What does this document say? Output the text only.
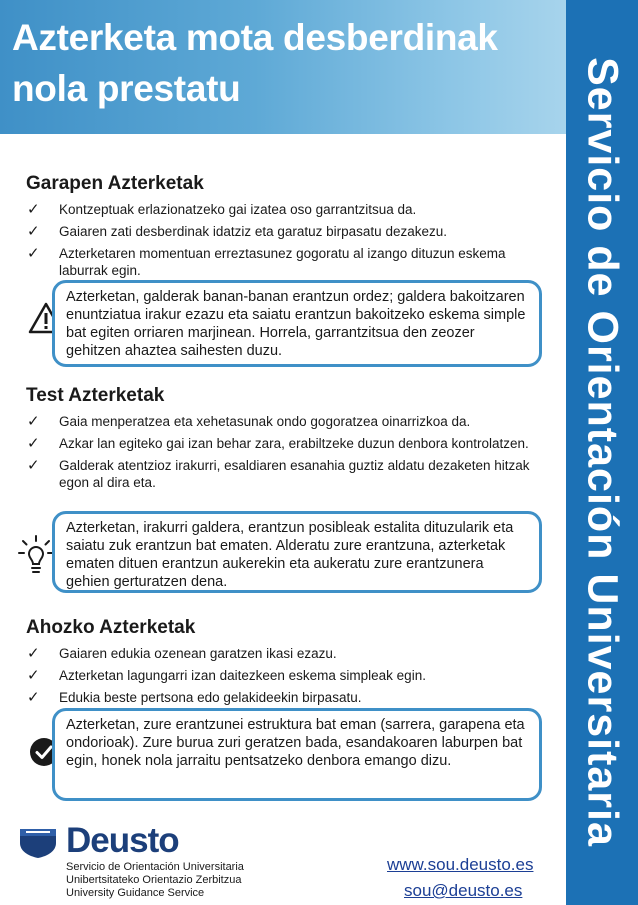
Azterketa mota desberdinak nola prestatu	Servicio de Orientación Universitaria
Garapen Azterketak
✓ Kontzeptuak erlazionatzeko gai izatea oso garrantzitsua da.
✓ Gaiaren zati desberdinak idatziz eta garatuz birpasatu dezakezu.
✓ Azterketaren momentuan erreztasunez gogoratu al izango dituzun eskema laburrak egin.
Azterketan, galderak banan-banan erantzun ordez; galdera bakoitzaren enuntziatua irakur ezazu eta saiatu erantzun bakoitzeko eskema simple bat egiten orriaren marjinean. Horrela, garrantzitsua den zeozer gehitzen ahaztea saihesten duzu.
Test Azterketak
✓ Gaia menperatzea eta xehetasunak ondo gogoratzea oinarrizkoa da.
✓ Azkar lan egiteko gai izan behar zara, erabiltzeke duzun denbora kontrolatzen.
✓ Galderak atentzioz irakurri, esaldiaren esanahia guztiz aldatu dezaketen hitzak egon al dira eta.
Azterketan, irakurri galdera, erantzun posibleak estalita dituzularik eta saiatu zuk erantzun bat ematen. Alderatu zure erantzuna, azterketak ematen dituen erantzun aukerekin eta aukeratu zure erantzunera gehien gerturatzen dena.
Ahozko Azterketak
✓ Gaiaren edukia ozenean garatzen ikasi ezazu.
✓ Azterketan lagungarri izan daitezkeen eskema simpleak egin.
✓ Edukia beste pertsona edo gelakideekin birpasatu.
Azterketan, zure erantzunei estruktura bat eman (sarrera, garapena eta ondorioak). Zure burua zuri geratzen bada, esandakoaren laburpen bat egin, honek nola jarraitu pentsatzeko denbora emango dizu.
Deusto
Servicio de Orientación Universitaria
Unibertsitateko Orientazio Zerbitzua
University Guidance Service
www.sou.deusto.es
sou@deusto.es
